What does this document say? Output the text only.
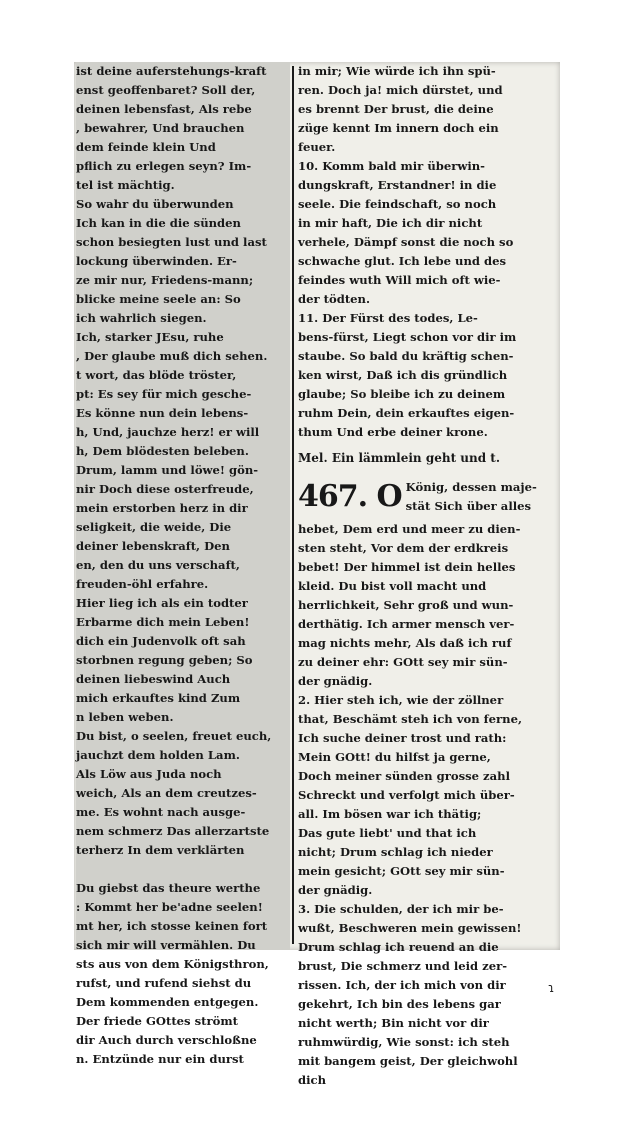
ist deine auferstehungs-kraft
enst geoffenbaret? Soll der,
deinen lebensfast, Als rebe
, bewahrer, Und brauchen
dem feinde klein Und
pflich zu erlegen seyn? Im-
tel ist mächtig.
So wahr du überwunden
Ich kan in die die sünden
schon besiegten lust und last
lockung überwinden. Er-
ze mir nur, Friedens-mann;
blicke meine seele an: So
ich wahrlich siegen.
Ich, starker JEsu, ruhe
, Der glaube muß dich sehen.
t wort, das blöde tröster,
pt: Es sey für mich gesche-
Es könne nun dein lebens-
h, Und, jauchze herz! er will
h, Dem blödesten beleben.
Drum, lamm und löwe! gön-
nir Doch diese osterfreude,
mein erstorben herz in dir
seligkeit, die weide, Die
deiner lebenskraft, Den
en, den du uns verschaft,
freuden-öhl erfahre.
Hier lieg ich als ein todter
Erbarme dich mein Leben!
dich ein Judenvolk oft sah
storbnen regung geben; So
deinen liebeswind Auch
mich erkauftes kind Zum
n leben weben.
Du bist, o seelen, freuet euch,
jauchzt dem holden Lam.
Als Löw aus Juda noch
weich, Als an dem creutzes-
me. Es wohnt nach ausge-
nem schmerz Das allerzartste
terherz In dem verklärten
Du giebst das theure werthe
: Kommt her be'adne seelen!
mt her, ich stosse keinen fort
sich mir will vermählen. Du
sts aus von dem Königsthron,
rufst, und rufend siehst du
Dem kommenden entgegen.
Der friede GOttes strömt
dir Auch durch verschloßne
n. Entzünde nur ein durst
in mir; Wie würde ich ihn spü-
ren. Doch ja! mich dürstet, und
es brennt Der brust, die deine
züge kennt Im innern doch ein
feuer.
10. Komm bald mir überwin-
dungskraft, Erstandner! in die
seele. Die feindschaft, so noch
in mir haft, Die ich dir nicht
verhele, Dämpf sonst die noch so
schwache glut. Ich lebe und des
feindes wuth Will mich oft wie-
der tödten.
11. Der Fürst des todes, Le-
bens-fürst, Liegt schon vor dir im
staube. So bald du kräftig schen-
ken wirst, Daß ich dis gründlich
glaube; So bleibe ich zu deinem
ruhm Dein, dein erkauftes eigen-
thum Und erbe deiner krone.
Mel. Ein lämmlein geht und t.
467. O König, dessen maje-
stät Sich über alles
hebet, Dem erd und meer zu dien-
sten steht, Vor dem der erdkreis
bebet! Der himmel ist dein helles
kleid. Du bist voll macht und
herrlichkeit, Sehr groß und wun-
derthätig. Ich armer mensch ver-
mag nichts mehr, Als daß ich ruf
zu deiner ehr: GOtt sey mir sün-
der gnädig.
2. Hier steh ich, wie der zöllner
that, Beschämt steh ich von ferne,
Ich suche deiner trost und rath:
Mein GOtt! du hilfst ja gerne,
Doch meiner sünden grosse zahl
Schreckt und verfolgt mich über-
all. Im bösen war ich thätig;
Das gute liebt' und that ich
nicht; Drum schlag ich nieder
mein gesicht; GOtt sey mir sün-
der gnädig.
3. Die schulden, der ich mir be-
wußt, Beschweren mein gewissen!
Drum schlag ich reuend an die
brust, Die schmerz und leid zer-
rissen. Ich, der ich mich von dir
gekehrt, Ich bin des lebens gar
nicht werth; Bin nicht vor dir
ruhmwürdig, Wie sonst: ich steh
mit bangem geist, Der gleichwohl
dich
ɿ
